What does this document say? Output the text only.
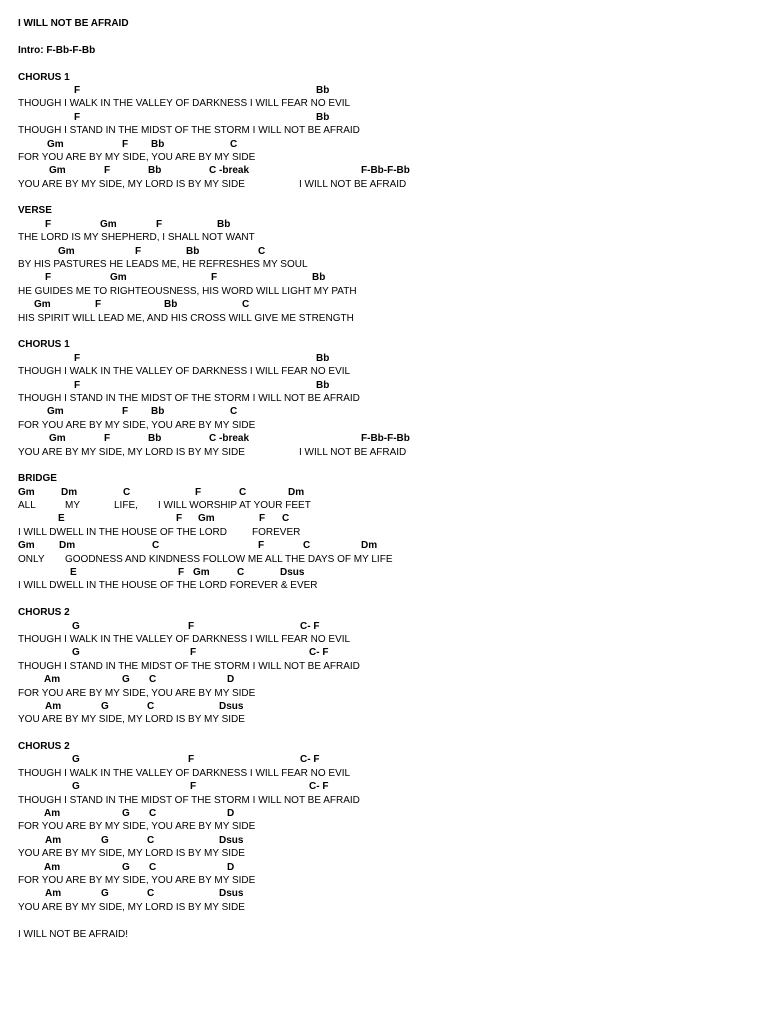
I WILL NOT BE AFRAID
Intro: F-Bb-F-Bb
CHORUS 1
F	Bb
THOUGH I WALK IN THE VALLEY OF DARKNESS I WILL FEAR NO EVIL
F	Bb
THOUGH I STAND IN THE MIDST OF THE STORM I WILL NOT BE AFRAID
Gm	F Bb	C
FOR YOU ARE BY MY SIDE, YOU ARE BY MY SIDE
Gm	F	Bb	C -break	F-Bb-F-Bb
YOU ARE BY MY SIDE, MY LORD IS BY MY SIDE	I WILL NOT BE AFRAID
VERSE
F	Gm	F	Bb
THE LORD IS MY SHEPHERD, I SHALL NOT WANT
Gm	F	Bb	C
BY HIS PASTURES HE LEADS ME, HE REFRESHES MY SOUL
F	Gm	F	Bb
HE GUIDES ME TO RIGHTEOUSNESS, HIS WORD WILL LIGHT MY PATH
Gm	F	Bb	C
HIS SPIRIT WILL LEAD ME, AND HIS CROSS WILL GIVE ME STRENGTH
CHORUS 1
F	Bb
THOUGH I WALK IN THE VALLEY OF DARKNESS I WILL FEAR NO EVIL
F	Bb
THOUGH I STAND IN THE MIDST OF THE STORM I WILL NOT BE AFRAID
Gm	F Bb	C
FOR YOU ARE BY MY SIDE, YOU ARE BY MY SIDE
Gm	F	Bb	C -break	F-Bb-F-Bb
YOU ARE BY MY SIDE, MY LORD IS BY MY SIDE	I WILL NOT BE AFRAID
BRIDGE
Gm	Dm	C	F	C	Dm
ALL	MY	LIFE, I WILL WORSHIP AT YOUR FEET
E	F Gm	F C
I WILL DWELL IN THE HOUSE OF THE LORD	FOREVER
Gm Dm	C	F	C	Dm
ONLY GOODNESS AND KINDNESS FOLLOW ME ALL THE DAYS OF MY LIFE
E	F Gm	C	Dsus
I WILL DWELL IN THE HOUSE OF THE LORD FOREVER & EVER
CHORUS 2
G	F	C- F
THOUGH I WALK IN THE VALLEY OF DARKNESS I WILL FEAR NO EVIL
G	F	C- F
THOUGH I STAND IN THE MIDST OF THE STORM I WILL NOT BE AFRAID
Am	G C	D
FOR YOU ARE BY MY SIDE, YOU ARE BY MY SIDE
Am	G	C	Dsus
YOU ARE BY MY SIDE, MY LORD IS BY MY SIDE
CHORUS 2
G	F	C- F
THOUGH I WALK IN THE VALLEY OF DARKNESS I WILL FEAR NO EVIL
G	F	C- F
THOUGH I STAND IN THE MIDST OF THE STORM I WILL NOT BE AFRAID
Am	G C	D
FOR YOU ARE BY MY SIDE, YOU ARE BY MY SIDE
Am	G	C	Dsus
YOU ARE BY MY SIDE, MY LORD IS BY MY SIDE
Am	G C	D
FOR YOU ARE BY MY SIDE, YOU ARE BY MY SIDE
Am	G	C	Dsus
YOU ARE BY MY SIDE, MY LORD IS BY MY SIDE
I WILL NOT BE AFRAID!
